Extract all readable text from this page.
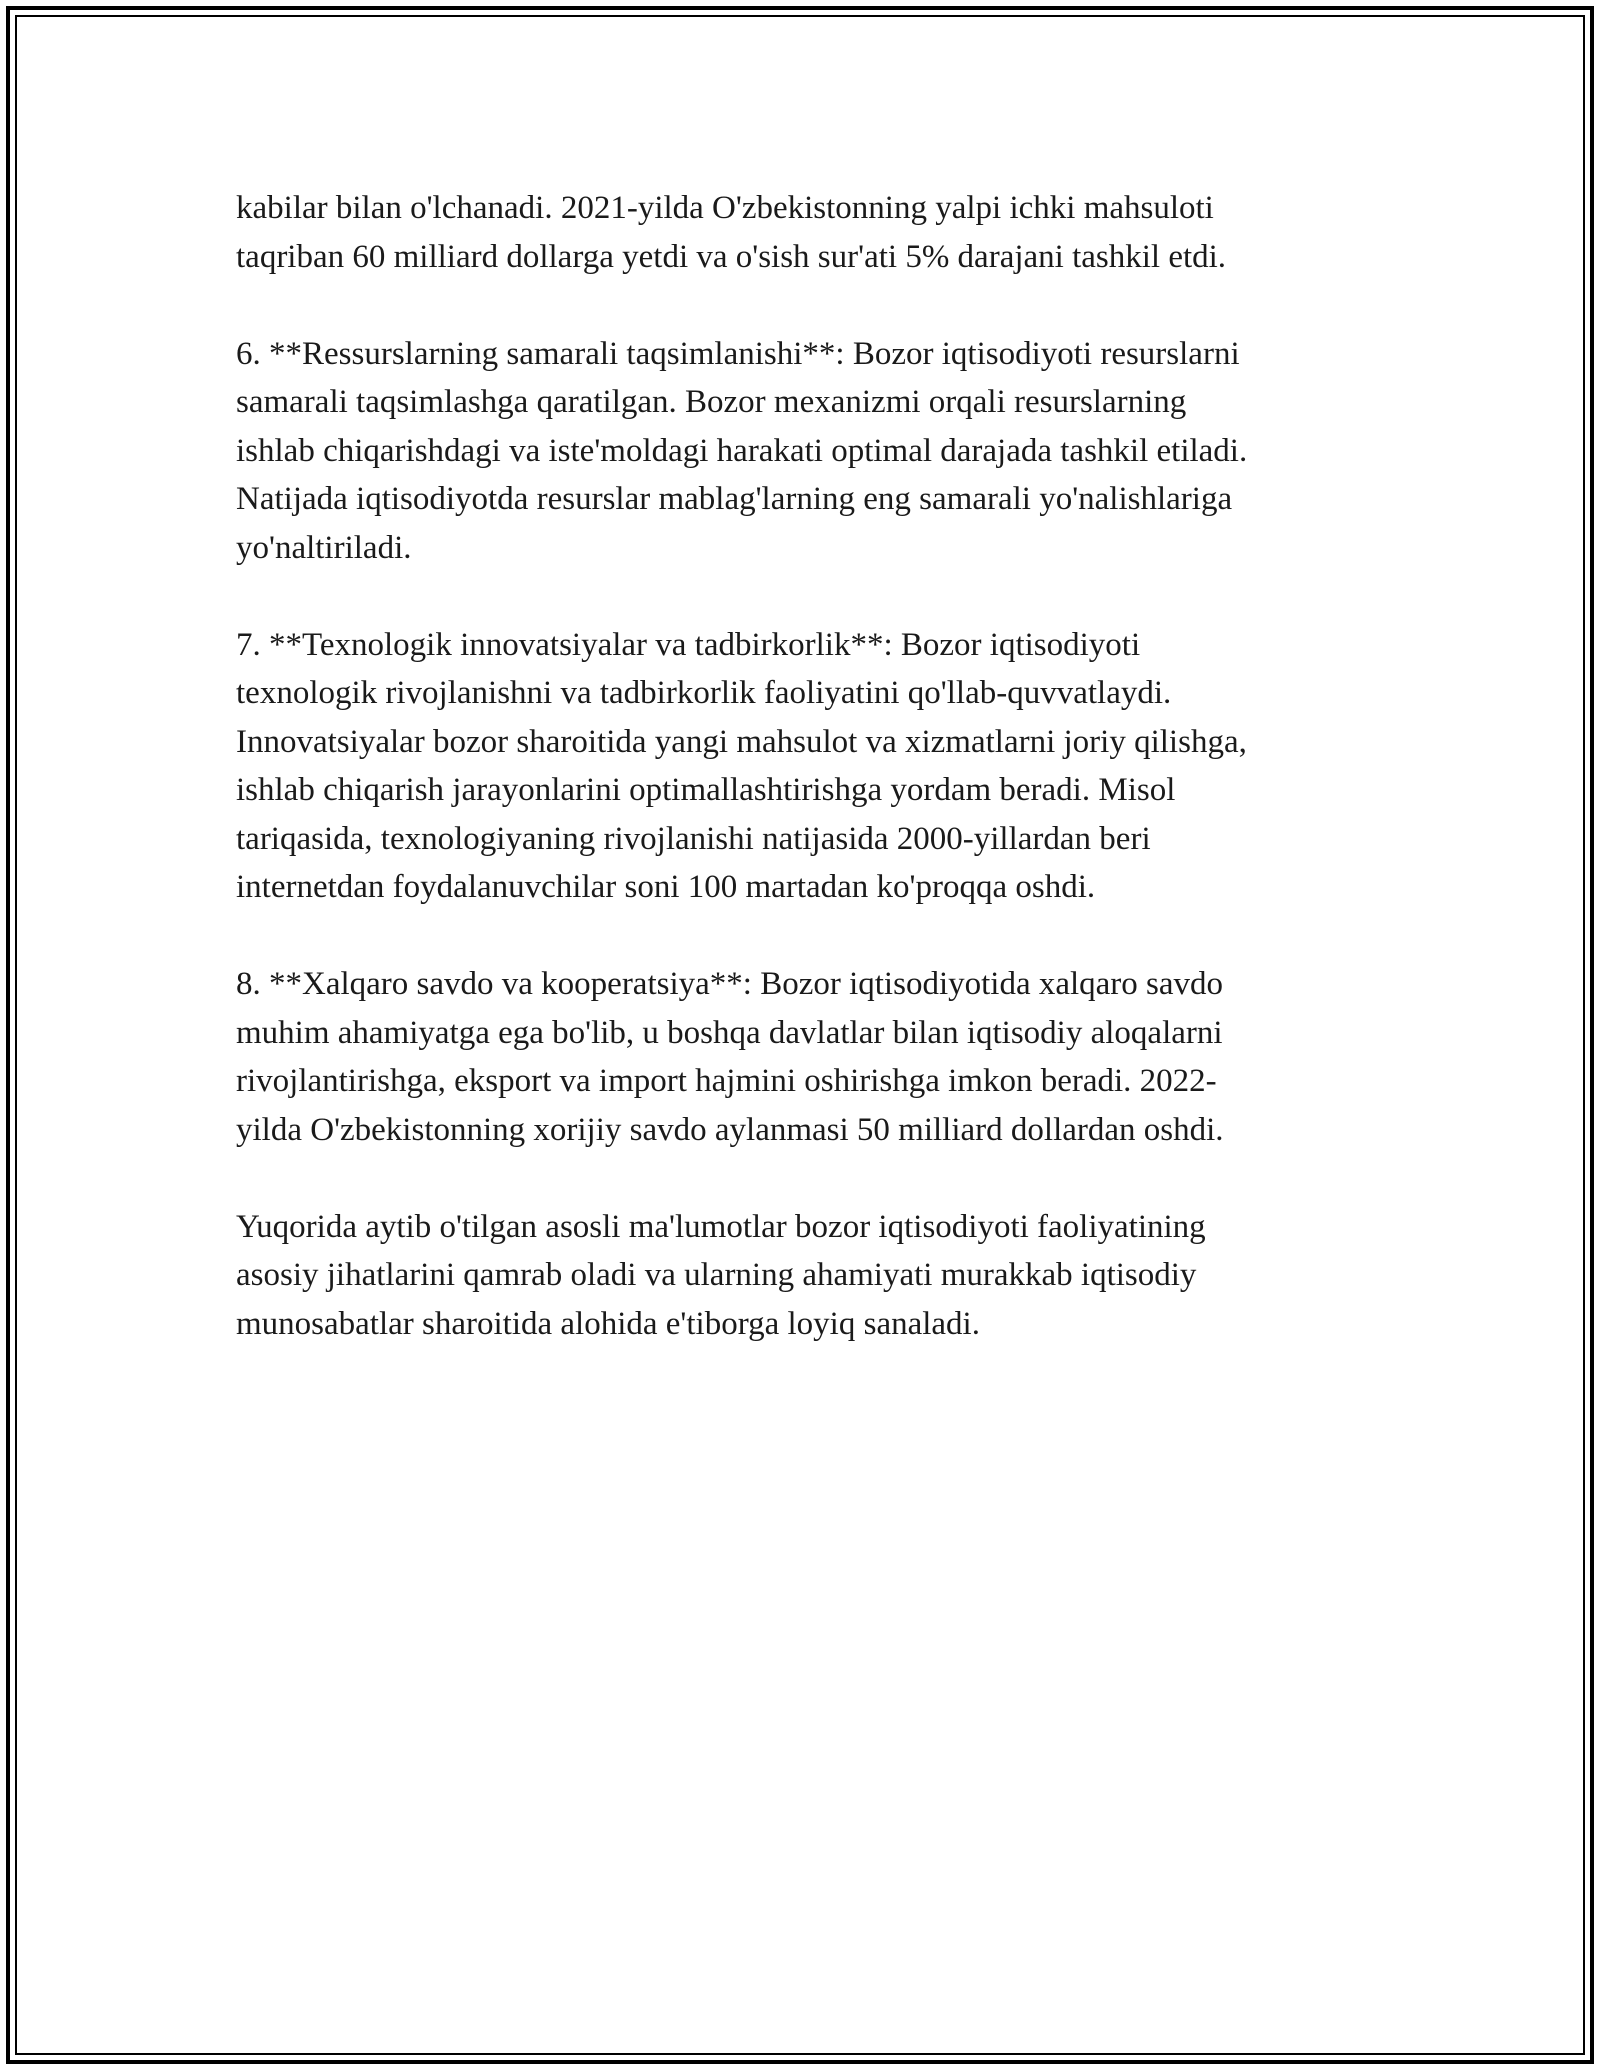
kabilar bilan o'lchanadi. 2021-yilda O'zbekistonning yalpi ichki mahsuloti
taqriban 60 milliard dollarga yetdi va o'sish sur'ati 5% darajani tashkil etdi.

6. **Ressurslarning samarali taqsimlanishi**: Bozor iqtisodiyoti resurslarni
samarali taqsimlashga qaratilgan. Bozor mexanizmi orqali resurslarning
ishlab chiqarishdagi va iste'moldagi harakati optimal darajada tashkil etiladi.
Natijada iqtisodiyotda resurslar mablag'larning eng samarali yo'nalishlariga
yo'naltiriladi.

7. **Texnologik innovatsiyalar va tadbirkorlik**: Bozor iqtisodiyoti
texnologik rivojlanishni va tadbirkorlik faoliyatini qo'llab-quvvatlaydi.
Innovatsiyalar bozor sharoitida yangi mahsulot va xizmatlarni joriy qilishga,
ishlab chiqarish jarayonlarini optimallashtirishga yordam beradi. Misol
tariqasida, texnologiyaning rivojlanishi natijasida 2000-yillardan beri
internetdan foydalanuvchilar soni 100 martadan ko'proqqa oshdi.

8. **Xalqaro savdo va kooperatsiya**: Bozor iqtisodiyotida xalqaro savdo
muhim ahamiyatga ega bo'lib, u boshqa davlatlar bilan iqtisodiy aloqalarni
rivojlantirishga, eksport va import hajmini oshirishga imkon beradi. 2022-
yilda O'zbekistonning xorijiy savdo aylanmasi 50 milliard dollardan oshdi.

Yuqorida aytib o'tilgan asosli ma'lumotlar bozor iqtisodiyoti faoliyatining
asosiy jihatlarini qamrab oladi va ularning ahamiyati murakkab iqtisodiy
munosabatlar sharoitida alohida e'tiborga loyiq sanaladi.
